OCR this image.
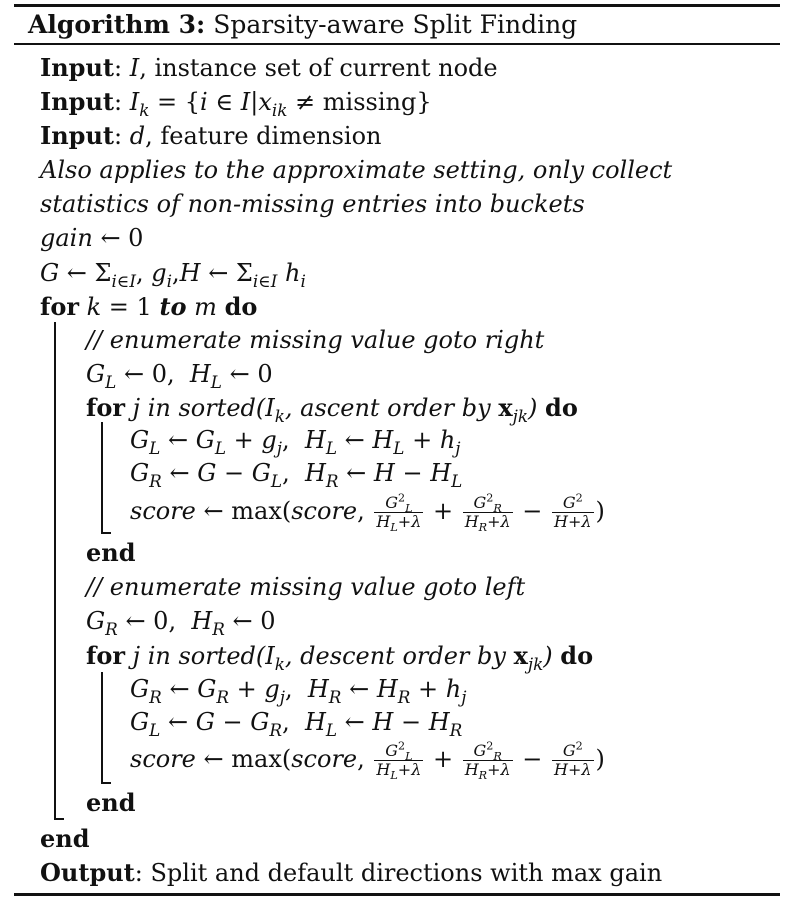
Algorithm 3: Sparsity-aware Split Finding
Input: I, instance set of current node
Input: $I_k = \{i$ ∈ $I|x_{ik} \ne missing$}
Input: d, feature dimension
Also applies to the approximate setting, only collect
statistics of non-missing entries into buckets
gain ← 0
G ← $\Sigma_{i\in I}$, $g_i,H$ ← $\Sigma_{i\in I}$ $h_i$
for k = 1 to m do
// enumerate missing value goto right
$G_L$ ← 0,  $H_L$ ← 0
for j in $sorted(I_k$, ascent order by $x_{jk}$) do
$G_L$ ← $G_L + g_j$,  $H_L$ ← $H_L + h_j$
$G_R$ ← $G - G_L$,  $H_R$ ← $H - H_L$
score ← max(score, $\frac{G^2_L}{H_L+\lambda} + \frac{G^2_R}{H_R+\lambda} - \frac{G^2}{H+\lambda}$ )
end
// enumerate missing value goto left
$G_R$ ← 0,  $H_R$ ← 0
for j in $sorted(I_k$, descent order by $x_{jk}$) do
$G_R$ ← $G_R + g_j$,  $H_R$ ← $H_R + h_j$
$G_L$ ← $G - G_R$,  $H_L$ ← $H - H_R$
score ← max(score, $\frac{G^2_L}{H_L+\lambda} + \frac{G^2_R}{H_R+\lambda} - \frac{G^2}{H+\lambda}$ )
end
end
Output: Split and default directions with max gain
